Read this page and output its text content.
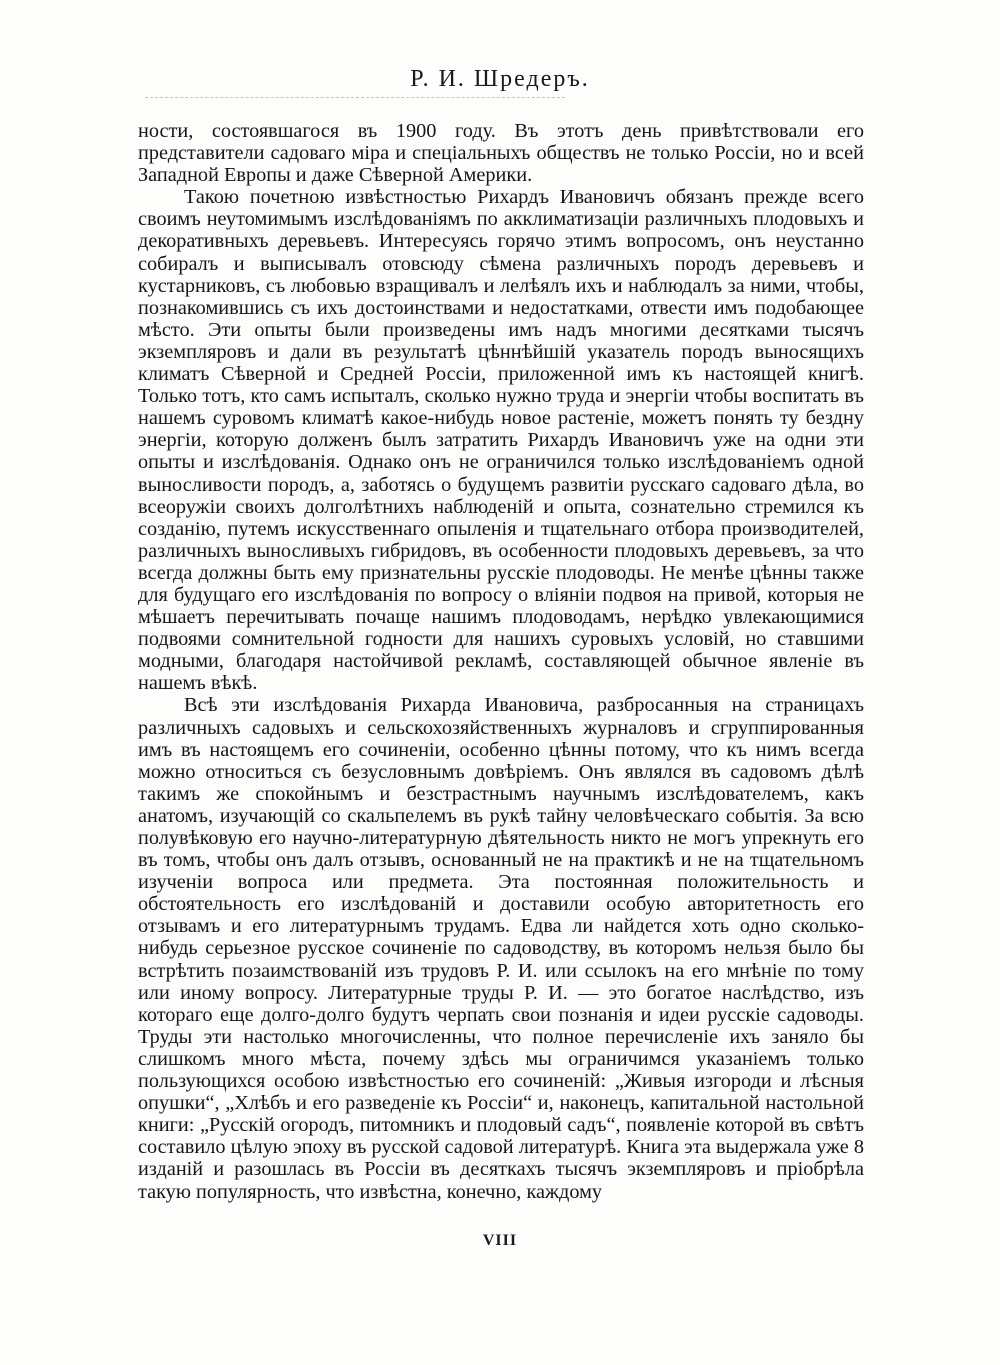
Р. И. Шредеръ.

ности, состоявшагося въ 1900 году. Въ этотъ день привѣтствовали его представители садоваго міра и спеціальныхъ обществъ не только Россіи, но и всей Западной Европы и даже Сѣверной Америки.

Такою почетною извѣстностью Рихардъ Ивановичъ обязанъ прежде всего своимъ неутомимымъ изслѣдованіямъ по акклиматизаціи различныхъ плодовыхъ и декоративныхъ деревьевъ. Интересуясь горячо этимъ вопросомъ, онъ неустанно собиралъ и выписывалъ отовсюду сѣмена различныхъ породъ деревьевъ и кустарниковъ, съ любовью взращивалъ и лелѣялъ ихъ и наблюдалъ за ними, чтобы, познакомившись съ ихъ достоинствами и недостатками, отвести имъ подобающее мѣсто. Эти опыты были произведены имъ надъ многими десятками тысячъ экземпляровъ и дали въ результатѣ цѣннѣйшій указатель породъ выносящихъ климатъ Сѣверной и Средней Россіи, приложенной имъ къ настоящей книгѣ. Только тотъ, кто самъ испыталъ, сколько нужно труда и энергіи чтобы воспитать въ нашемъ суровомъ климатѣ какое-нибудь новое растеніе, можетъ понять ту бездну энергіи, которую долженъ былъ затратить Рихардъ Ивановичъ уже на одни эти опыты и изслѣдованія. Однако онъ не ограничился только изслѣдованіемъ одной выносливости породъ, а, заботясь о будущемъ развитіи русскаго садоваго дѣла, во всеоружіи своихъ долголѣтнихъ наблюденій и опыта, сознательно стремился къ созданію, путемъ искусственнаго опыленія и тщательнаго отбора производителей, различныхъ выносливыхъ гибридовъ, въ особенности плодовыхъ деревьевъ, за что всегда должны быть ему признательны русскіе плодоводы. Не менѣе цѣнны также для будущаго его изслѣдованія по вопросу о вліяніи подвоя на привой, которыя не мѣшаетъ перечитывать почаще нашимъ плодоводамъ, нерѣдко увлекающимися подвоями сомнительной годности для нашихъ суровыхъ условій, но ставшими модными, благодаря настойчивой рекламѣ, составляющей обычное явленіе въ нашемъ вѣкѣ.

Всѣ эти изслѣдованія Рихарда Ивановича, разбросанныя на страницахъ различныхъ садовыхъ и сельскохозяйственныхъ журналовъ и сгруппированныя имъ въ настоящемъ его сочиненіи, особенно цѣнны потому, что къ нимъ всегда можно относиться съ безусловнымъ довѣріемъ. Онъ являлся въ садовомъ дѣлѣ такимъ же спокойнымъ и безстрастнымъ научнымъ изслѣдователемъ, какъ анатомъ, изучающій со скальпелемъ въ рукѣ тайну человѣческаго событія. За всю полувѣковую его научно-литературную дѣятельность никто не могъ упрекнуть его въ томъ, чтобы онъ далъ отзывъ, основанный не на практикѣ и не на тщательномъ изученіи вопроса или предмета. Эта постоянная положительность и обстоятельность его изслѣдованій и доставили особую авторитетность его отзывамъ и его литературнымъ трудамъ. Едва ли найдется хоть одно сколько-нибудь серьезное русское сочиненіе по садоводству, въ которомъ нельзя было бы встрѣтить позаимствованій изъ трудовъ Р. И. или ссылокъ на его мнѣніе по тому или иному вопросу. Литературные труды Р. И. — это богатое наслѣдство, изъ котораго еще долго-долго будутъ черпать свои познанія и идеи русскіе садоводы. Труды эти настолько многочисленны, что полное перечисленіе ихъ заняло бы слишкомъ много мѣста, почему здѣсь мы ограничимся указаніемъ только пользующихся особою извѣстностью его сочиненій: „Живыя изгороди и лѣсныя опушки“, „Хлѣбъ и его разведеніе къ Россіи“ и, наконецъ, капитальной настольной книги: „Русскій огородъ, питомникъ и плодовый садъ“, появленіе которой въ свѣтъ составило цѣлую эпоху въ русской садовой литературѣ. Книга эта выдержала уже 8 изданій и разошлась въ Россіи въ десяткахъ тысячъ экземпляровъ и пріобрѣла такую популярность, что извѣстна, конечно, каждому

VIII
